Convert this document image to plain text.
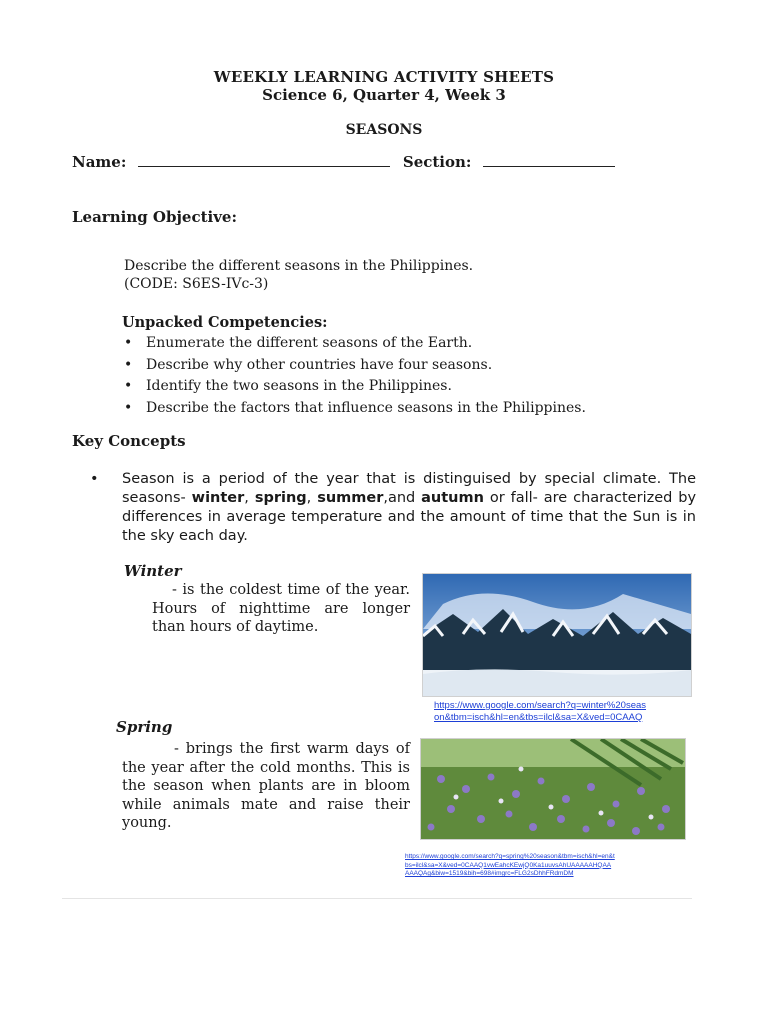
WEEKLY LEARNING ACTIVITY SHEETS
Science 6, Quarter 4, Week 3
SEASONS
Name:	Section:
Learning Objective:
Describe the different seasons in the Philippines.
(CODE: S6ES-IVc-3)
Unpacked Competencies:
• Enumerate the different seasons of the Earth.
• Describe why other countries have four seasons.
• Identify the two seasons in the Philippines.
• Describe the factors that influence seasons in the Philippines.
Key Concepts
•	Season is a period of the year that is distinguised by special climate. The seasons- winter, spring, summer,and autumn or fall- are characterized by differences in average temperature and the amount of time that the Sun is in the sky each day.
Winter
- is the coldest time of the year. Hours of nighttime are longer than hours of daytime.
https://www.google.com/search?q=winter%20seas
on&tbm=isch&hl=en&tbs=ilcl&sa=X&ved=0CAAQ
Spring
- brings the first warm days of the year after the cold months. This is the season when plants are in bloom while animals mate and raise their young.
https://www.google.com/search?q=spring%20season&tbm=isch&hl=en&t
bs=ilcl&sa=X&ved=0CAAQ1vwEahcKEwjQ0Ka1uuvsAhUAAAAAHQAA
AAAQAg&biw=1519&bih=698#imgrc=FLG2sDhhFRdmDM
